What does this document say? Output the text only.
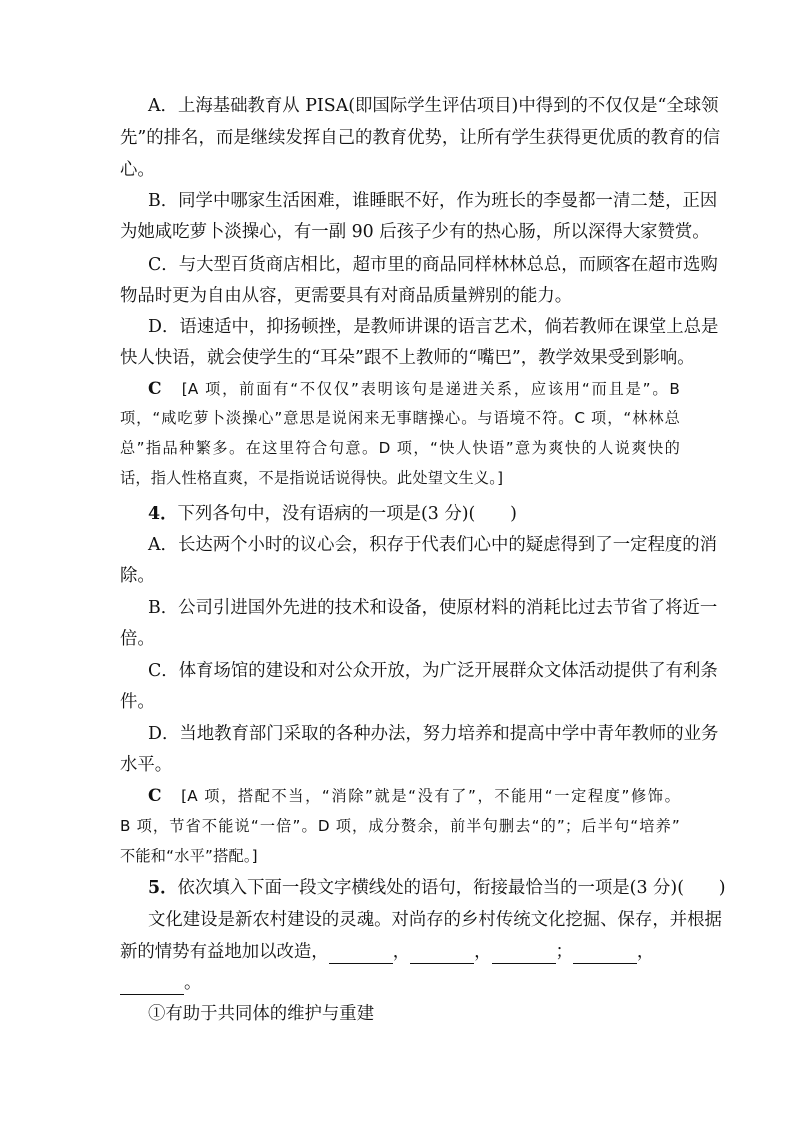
A．上海基础教育从 PISA(即国际学生评估项目)中得到的不仅仅是“全球领
先”的排名，而是继续发挥自己的教育优势，让所有学生获得更优质的教育的信
心。
B．同学中哪家生活困难，谁睡眠不好，作为班长的李曼都一清二楚，正因
为她咸吃萝卜淡操心，有一副 90 后孩子少有的热心肠，所以深得大家赞赏。
C．与大型百货商店相比，超市里的商品同样林林总总，而顾客在超市选购
物品时更为自由从容，更需要具有对商品质量辨别的能力。
D．语速适中，抑扬顿挫，是教师讲课的语言艺术，倘若教师在课堂上总是
快人快语，就会使学生的“耳朵”跟不上教师的“嘴巴”，教学效果受到影响。
C [A 项，前面有“不仅仅”表明该句是递进关系，应该用“而且是”。B
项，“咸吃萝卜淡操心”意思是说闲来无事瞎操心。与语境不符。C 项，“林林总
总”指品种繁多。在这里符合句意。D 项，“快人快语”意为爽快的人说爽快的
话，指人性格直爽，不是指说话说得快。此处望文生义。]
4．下列各句中，没有语病的一项是(3 分)(　　)
A．长达两个小时的议心会，积存于代表们心中的疑虑得到了一定程度的消
除。
B．公司引进国外先进的技术和设备，使原材料的消耗比过去节省了将近一
倍。
C．体育场馆的建设和对公众开放，为广泛开展群众文体活动提供了有利条
件。
D．当地教育部门采取的各种办法，努力培养和提高中学中青年教师的业务
水平。
C [A 项，搭配不当，“消除”就是“没有了”，不能用“一定程度”修饰。
B 项，节省不能说“一倍”。D 项，成分赘余，前半句删去“的”；后半句“培养”
不能和“水平”搭配。]
5．依次填入下面一段文字横线处的语句，衔接最恰当的一项是(3 分)(　　)
文化建设是新农村建设的灵魂。对尚存的乡村传统文化挖掘、保存，并根据
新的情势有益地加以改造，	，	，	；	，
。
①有助于共同体的维护与重建
